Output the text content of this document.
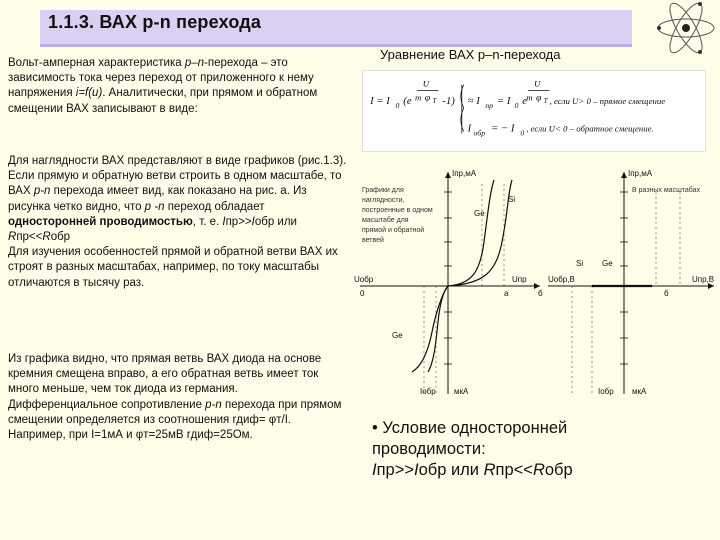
1.1.3. ВАХ p-n перехода

Вольт-амперная характеристика р–n-перехода – это зависимость тока через переход от приложенного к нему напряжения i=f(u). Аналитически, при прямом и обратном смещении ВАХ записывают в виде:

Для наглядности ВАХ представляют в виде графиков (рис.1.3).
Если прямую и обратную ветви строить в одном масштабе, то ВАХ p-n перехода имеет вид, как показано на рис. а. Из рисунка четко видно, что р -n переход обладает односторонней проводимостью, т. е. Iпр>>Iобр или Rпр<<Rобр
Для изучения особенностей прямой и обратной ветви ВАХ их строят в разных масштабах, например, по току масштабы отличаются в тысячу раз.

Из графика видно, что прямая ветвь ВАХ диода на основе кремния смещена вправо, а его обратная ветвь имеет ток много меньше, чем ток диода из германия.
Дифференциальное сопротивление p-n перехода при прямом смещении определяется из соотношения rдиф= φт/I.
Например, при I=1мА и φт=25мВ rдиф=25Ом.

Уравнение ВАХ р–n-перехода
I = I 0 (e
U
m φ T -1) ≈ I пр = I 0 e
U
m φ T , если U> 0 – прямое смещение
I обр = − I 0 , если U< 0 – обратное смещение.
Iпр,мА
Uпр
Uобр
Iобр мкА
Ge
Si
Ge
a
0	б
Графики для
наглядности,
построенные в одном
масштабе для
прямой и обратной
ветвей
Iпр,мА
Uпр,В
Uобр,В
Iобр мкА
Si Ge
б
В разных масштабах
• Условие односторонней
проводимости:
Iпр>>Iобр или Rпр<<Rобр
